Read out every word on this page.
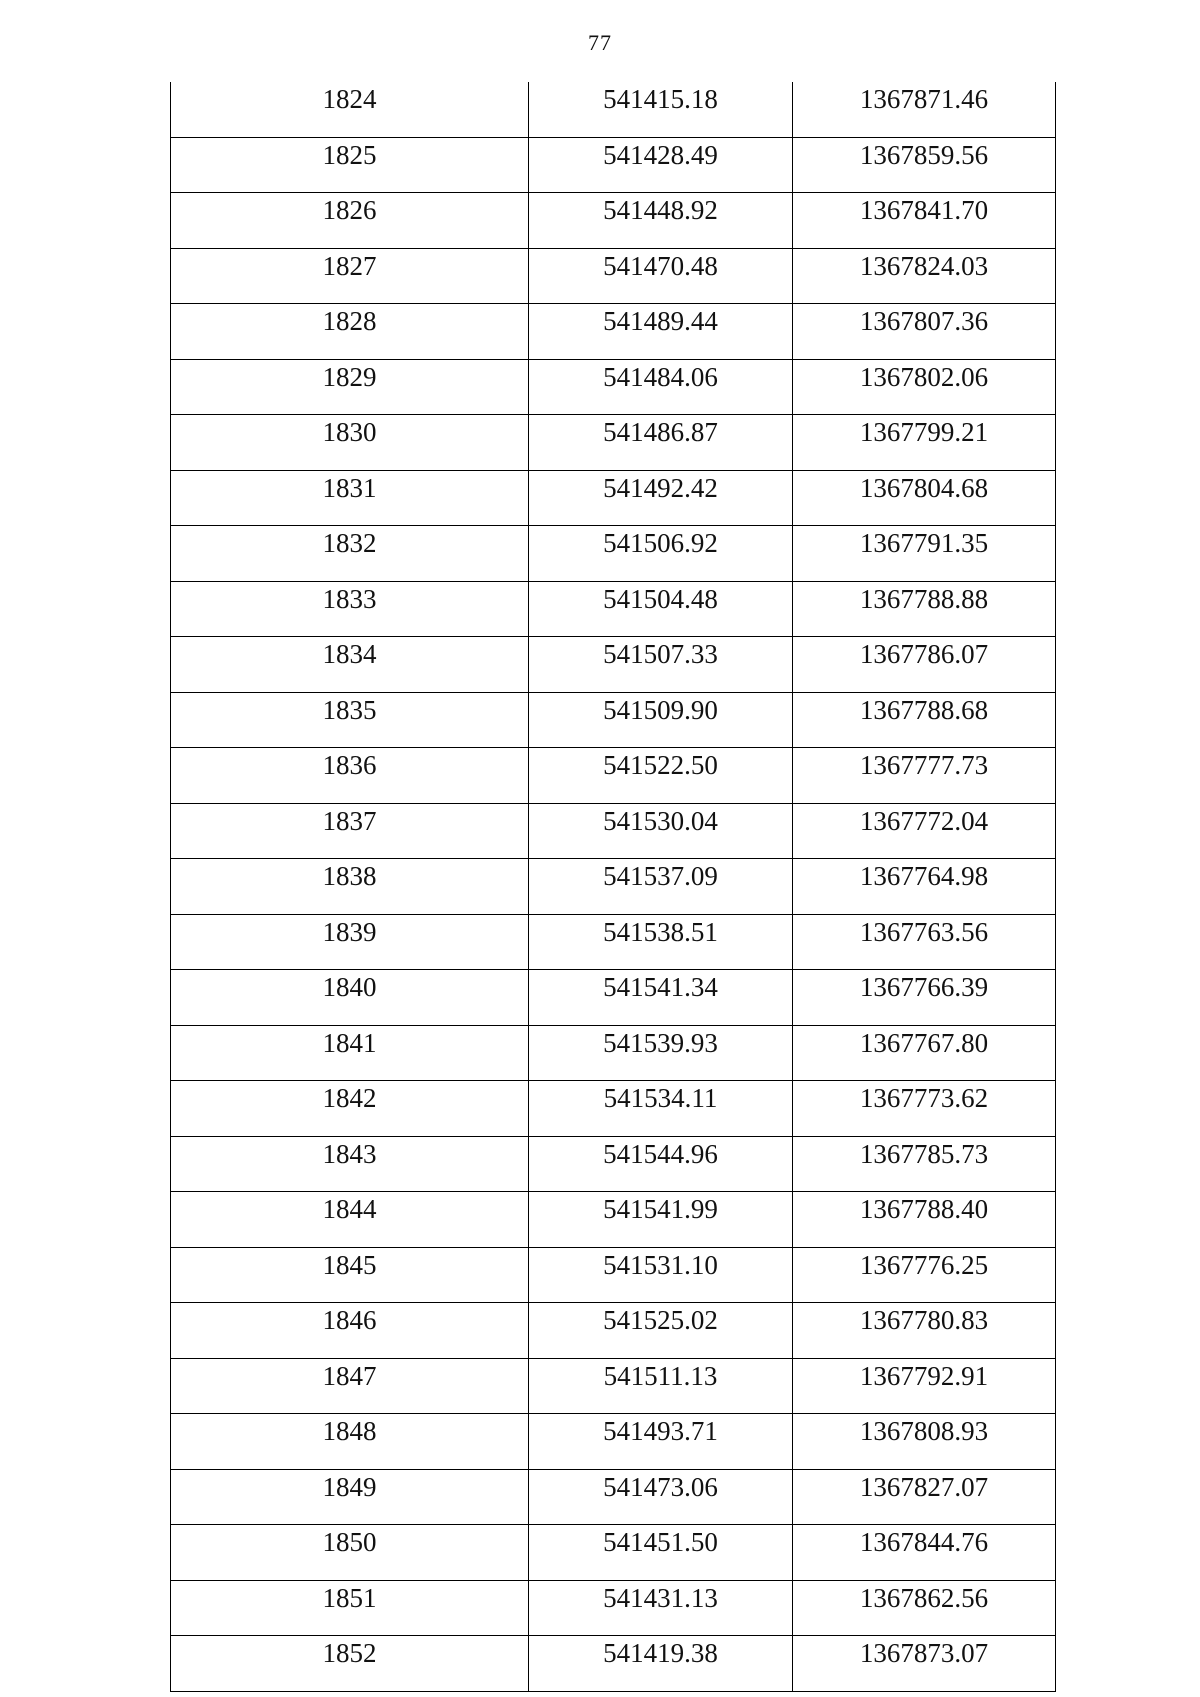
77
1824	541415.18	1367871.46
1825	541428.49	1367859.56
1826	541448.92	1367841.70
1827	541470.48	1367824.03
1828	541489.44	1367807.36
1829	541484.06	1367802.06
1830	541486.87	1367799.21
1831	541492.42	1367804.68
1832	541506.92	1367791.35
1833	541504.48	1367788.88
1834	541507.33	1367786.07
1835	541509.90	1367788.68
1836	541522.50	1367777.73
1837	541530.04	1367772.04
1838	541537.09	1367764.98
1839	541538.51	1367763.56
1840	541541.34	1367766.39
1841	541539.93	1367767.80
1842	541534.11	1367773.62
1843	541544.96	1367785.73
1844	541541.99	1367788.40
1845	541531.10	1367776.25
1846	541525.02	1367780.83
1847	541511.13	1367792.91
1848	541493.71	1367808.93
1849	541473.06	1367827.07
1850	541451.50	1367844.76
1851	541431.13	1367862.56
1852	541419.38	1367873.07
